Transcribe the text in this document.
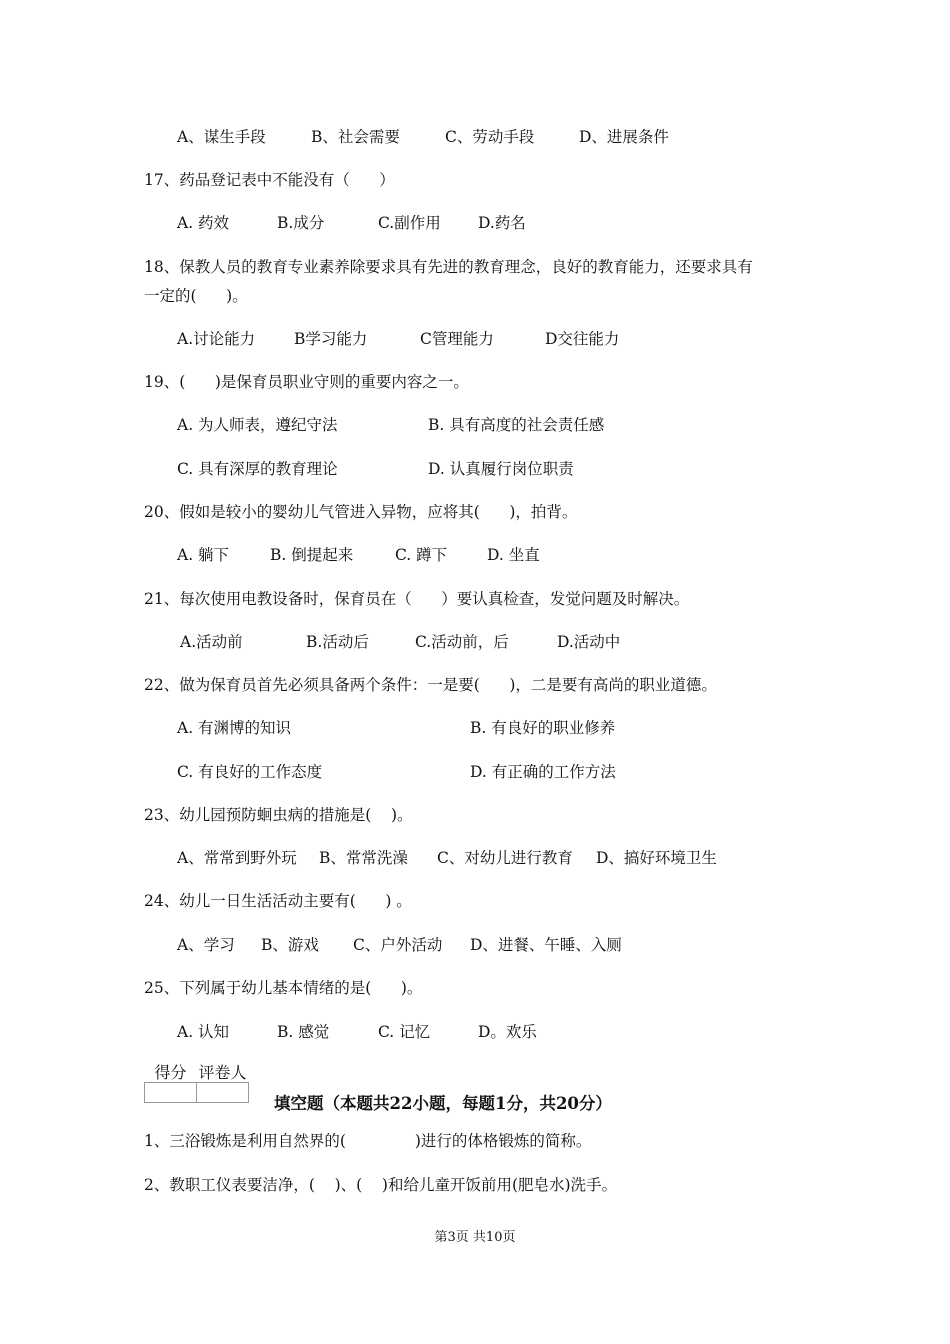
A、谋生手段	B、社会需要	C、劳动手段	D、进展条件
17、药品登记表中不能没有（      ）
A. 药效	B.成分	C.副作用 D.药名
18、保教人员的教育专业素养除要求具有先进的教育理念，良好的教育能力，还要求具有
一定的(      )。
A.讨论能力	B学习能力	C管理能力	D交往能力
19、(      )是保育员职业守则的重要内容之一。
A. 为人师表，遵纪守法	B. 具有高度的社会责任感
C. 具有深厚的教育理论	D. 认真履行岗位职责
20、假如是较小的婴幼儿气管进入异物，应将其(      )，拍背。
A. 躺下	B. 倒提起来	C. 蹲下	D. 坐直
21、每次使用电教设备时，保育员在（      ）要认真检查，发觉问题及时解决。
A.活动前	B.活动后	C.活动前，后	D.活动中
22、做为保育员首先必须具备两个条件：一是要(      )，二是要有高尚的职业道德。
A. 有渊博的知识	B. 有良好的职业修养
C. 有良好的工作态度	D. 有正确的工作方法
23、幼儿园预防蛔虫病的措施是(    )。
A、常常到野外玩 B、常常洗澡 C、对幼儿进行教育 D、搞好环境卫生
24、幼儿一日生活活动主要有(      ) 。
A、学习 B、游戏 C、户外活动 D、进餐、午睡、入厕
25、下列属于幼儿基本情绪的是(      )。
A. 认知	B. 感觉	C. 记忆	D。欢乐
得分	评卷人

填空题（本题共22小题，每题1分，共20分）
1、三浴锻炼是利用自然界的(              )进行的体格锻炼的简称。
2、教职工仪表要洁净，(    )、(    )和给儿童开饭前用(肥皂水)洗手。
第3页 共10页
